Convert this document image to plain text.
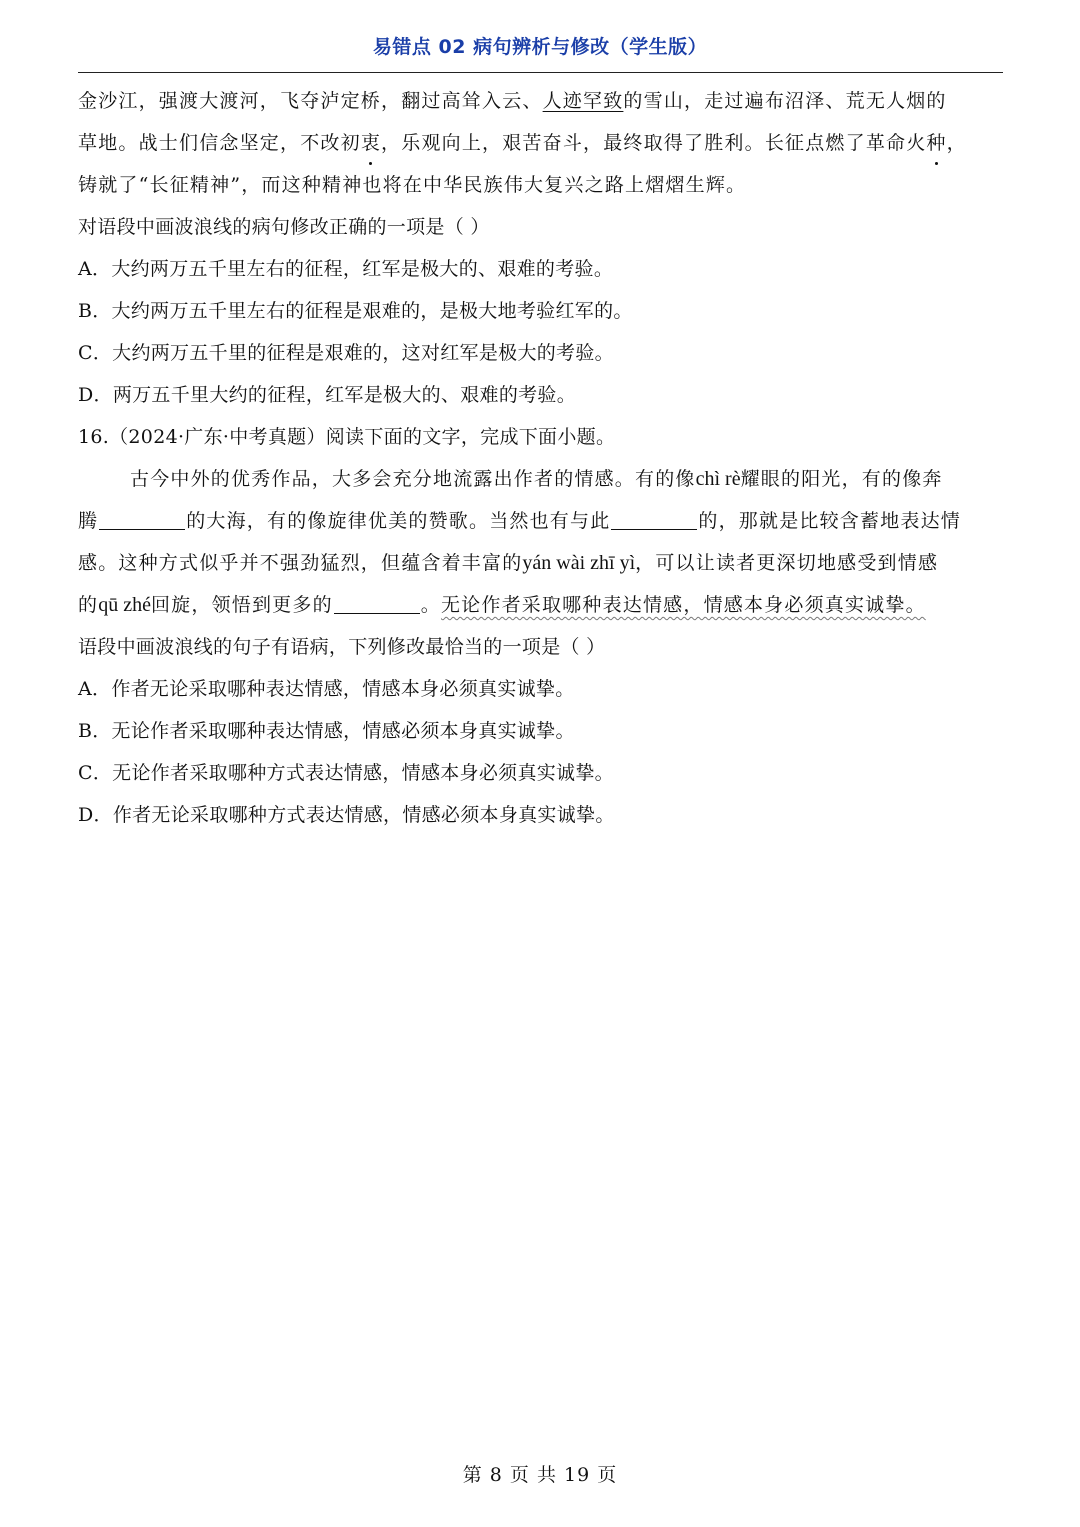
易错点 02 病句辨析与修改（学生版）
金沙江，强渡大渡河，飞夺泸定桥，翻过高耸入云、人迹罕致的雪山，走过遍布沼泽、荒无人烟的
草地。战士们信念坚定，不改初衷，乐观向上，艰苦奋斗，最终取得了胜利。长征点燃了革命火种，
铸就了“长征精神”，而这种精神也将在中华民族伟大复兴之路上熠熠生辉。
对语段中画波浪线的病句修改正确的一项是（ ）
A．大约两万五千里左右的征程，红军是极大的、艰难的考验。
B．大约两万五千里左右的征程是艰难的，是极大地考验红军的。
C．大约两万五千里的征程是艰难的，这对红军是极大的考验。
D．两万五千里大约的征程，红军是极大的、艰难的考验。
16.（2024·广东·中考真题）阅读下面的文字，完成下面小题。
古今中外的优秀作品，大多会充分地流露出作者的情感。有的像chì rè耀眼的阳光，有的像奔
腾	的大海，有的像旋律优美的赞歌。当然也有与此	的，那就是比较含蓄地表达情
感。这种方式似乎并不强劲猛烈，但蕴含着丰富的yán wài zhī yì，可以让读者更深切地感受到情感
的qū zhé回旋，领悟到更多的	。无论作者采取哪种表达情感，情感本身必须真实诚挚。
语段中画波浪线的句子有语病，下列修改最恰当的一项是（ ）
A．作者无论采取哪种表达情感，情感本身必须真实诚挚。
B．无论作者采取哪种表达情感，情感必须本身真实诚挚。
C．无论作者采取哪种方式表达情感，情感本身必须真实诚挚。
D．作者无论采取哪种方式表达情感，情感必须本身真实诚挚。
第 8 页 共 19 页
